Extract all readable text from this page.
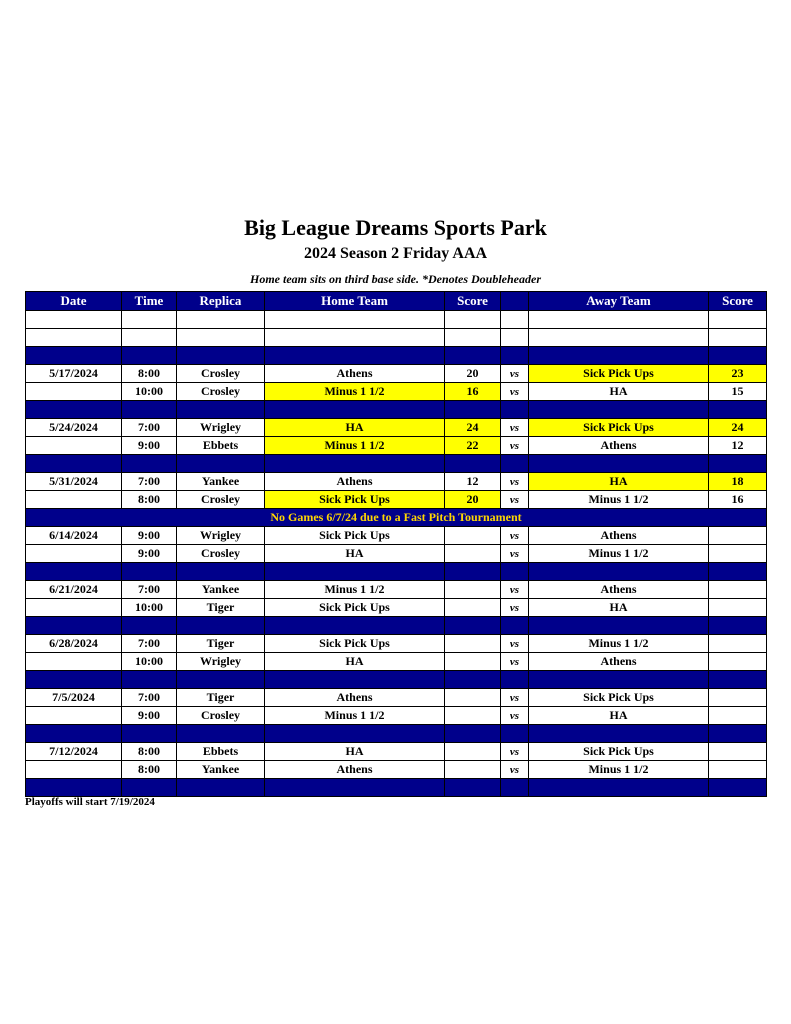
Big League Dreams Sports Park
2024 Season 2 Friday AAA
Home team sits on third base side. *Denotes Doubleheader
Date	Time	Replica	Home Team	Score		Away Team	Score

5/17/2024	8:00	Crosley	Athens	20	vs	Sick Pick Ups	23
	10:00	Crosley	Minus 1 1/2	16	vs	HA	15

5/24/2024	7:00	Wrigley	HA	24	vs	Sick Pick Ups	24
	9:00	Ebbets	Minus 1 1/2	22	vs	Athens	12

5/31/2024	7:00	Yankee	Athens	12	vs	HA	18
	8:00	Crosley	Sick Pick Ups	20	vs	Minus 1 1/2	16
No Games 6/7/24 due to a Fast Pitch Tournament							
6/14/2024	9:00	Wrigley	Sick Pick Ups		vs	Athens	
	9:00	Crosley	HA		vs	Minus 1 1/2	

6/21/2024	7:00	Yankee	Minus 1 1/2		vs	Athens	
	10:00	Tiger	Sick Pick Ups		vs	HA	

6/28/2024	7:00	Tiger	Sick Pick Ups		vs	Minus 1 1/2	
	10:00	Wrigley	HA		vs	Athens	

7/5/2024	7:00	Tiger	Athens		vs	Sick Pick Ups	
	9:00	Crosley	Minus 1 1/2		vs	HA	

7/12/2024	8:00	Ebbets	HA		vs	Sick Pick Ups	
	8:00	Yankee	Athens		vs	Minus 1 1/2	

Playoffs will start 7/19/2024
